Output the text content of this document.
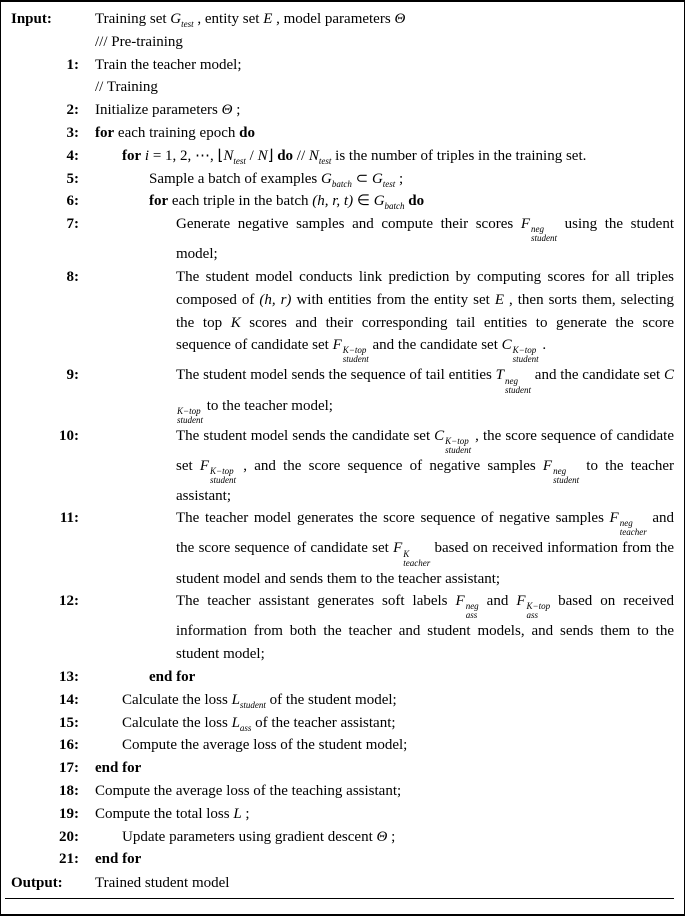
Input:	Training set $G_{test}$ , entity set E , model parameters Θ
/// Pre-training
1:	Train the teacher model;
// Training
2:	Initialize parameters Θ ;
3:	for each training epoch do
4:	for i = 1, 2, ⋯, $⌊N_{test}$ / N⌋ do // $N_{test}$ is the number of triples in the training set.
5:	Sample a batch of examples $G_{batch}$ ⊂ $G_{test}$ ;
6:	for each triple in the batch (h, r, t) ∈ $G_{batch}$ do
7:	Generate negative samples and compute their scores F neg
student
using the student model;
8:	The student model conducts link prediction by computing scores for all triples composed of (h, r) with entities from the entity set E , then sorts them, selecting the top K scores and their corresponding tail entities to generate the score sequence of candidate set F K−top
student
and the candidate set C K−top
student
.
9:	The student model sends the sequence of tail entities T neg
student
and the candidate set C
K−top
student
to the teacher model;
10:	The student model sends the candidate set C K−top
student
, the score sequence of candidate set F K−top
student
, and the score sequence of negative samples F neg
student
to the teacher assistant;
11:	The teacher model generates the score sequence of negative samples F neg
teacher
and the score sequence of candidate set F K
teacher
based on received information from the student model and sends them to the teacher assistant;
12:	The teacher assistant generates soft labels F neg
ass
and F K−top
ass
based on received information from both the teacher and student models, and sends them to the student model;
13:	end for
14:	Calculate the loss $L_{student}$ of the student model;
15:	Calculate the loss $L_{ass}$ of the teacher assistant;
16:	Compute the average loss of the student model;
17:	end for
18:	Compute the average loss of the teaching assistant;
19:	Compute the total loss L ;
20:	Update parameters using gradient descent Θ ;
21:	end for
Output:	Trained student model
